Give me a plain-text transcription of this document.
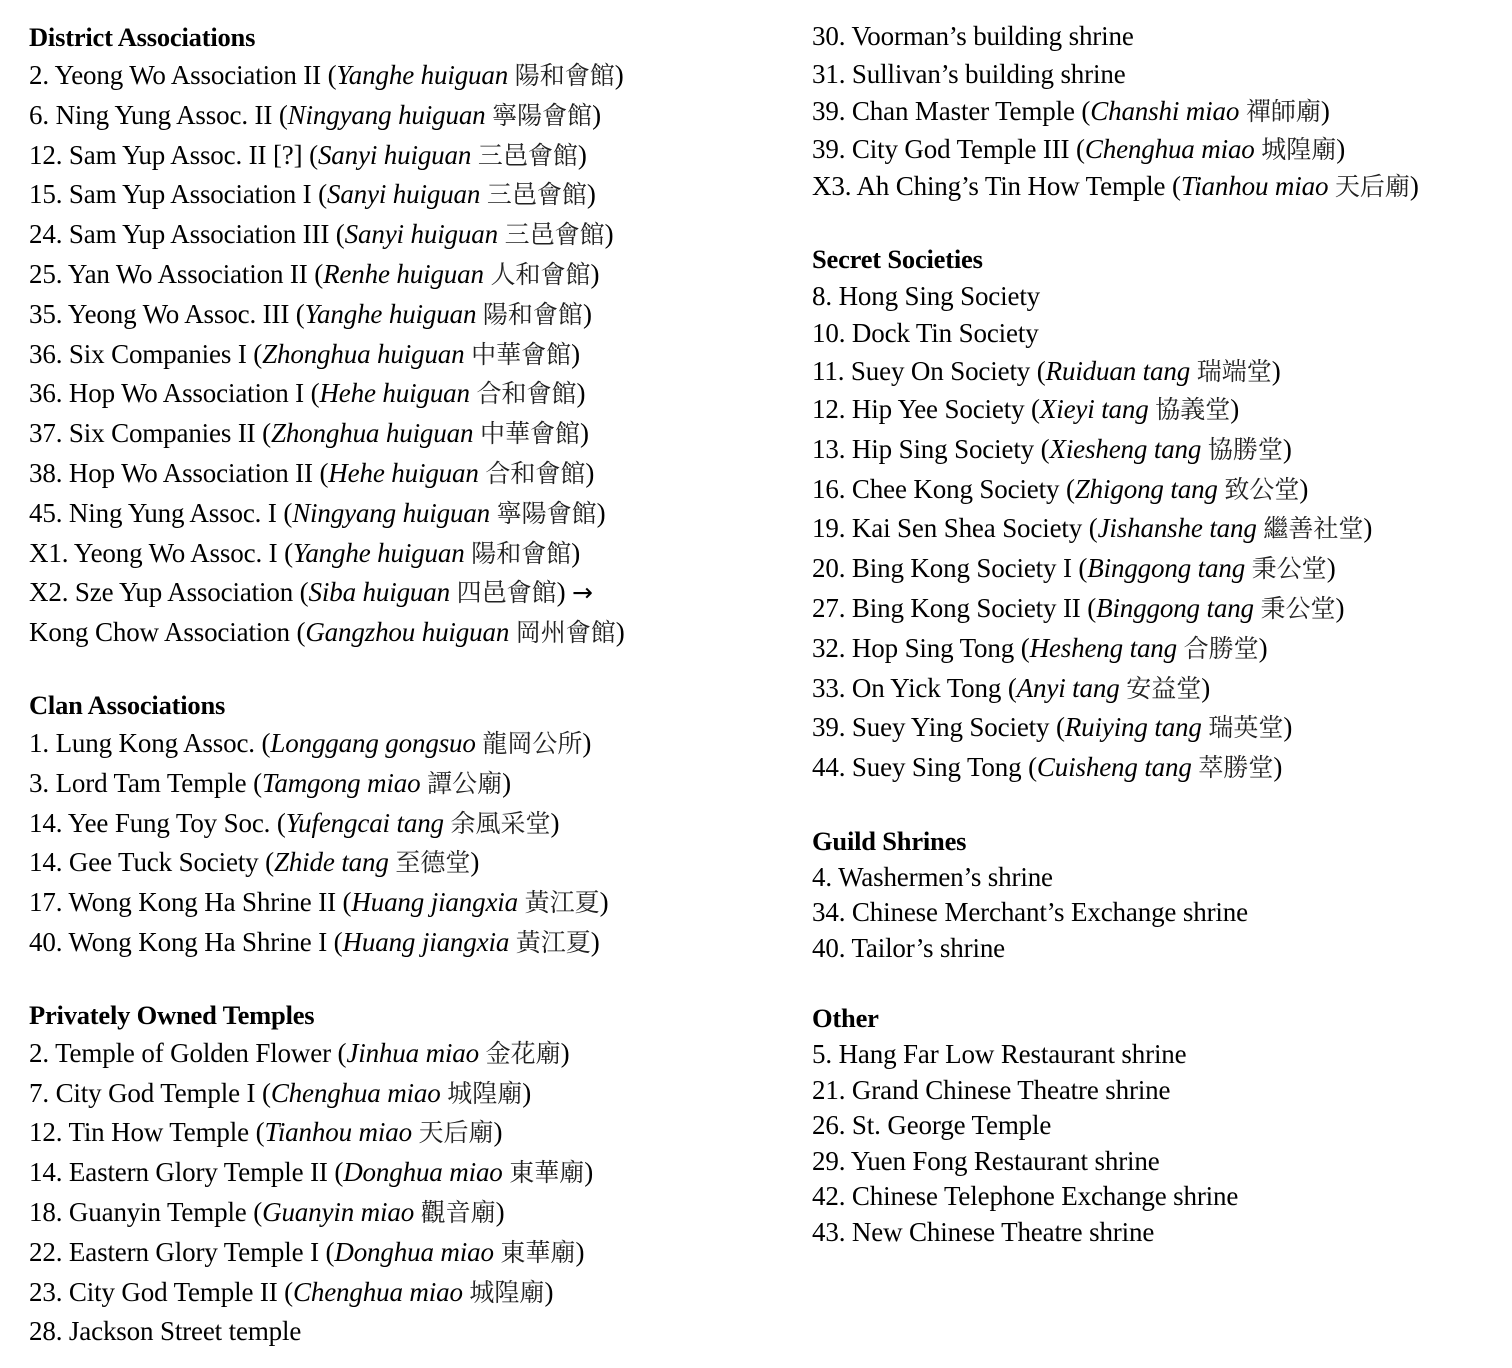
District Associations
2. Yeong Wo Association II (Yanghe huiguan 陽和會館)
6. Ning Yung Assoc. II (Ningyang huiguan 寧陽會館)
12. Sam Yup Assoc. II [?] (Sanyi huiguan 三邑會館)
15. Sam Yup Association I (Sanyi huiguan 三邑會館)
24. Sam Yup Association III (Sanyi huiguan 三邑會館)
25. Yan Wo Association II (Renhe huiguan 人和會館)
35. Yeong Wo Assoc. III (Yanghe huiguan 陽和會館)
36. Six Companies I (Zhonghua huiguan 中華會館)
36. Hop Wo Association I (Hehe huiguan 合和會館)
37. Six Companies II (Zhonghua huiguan 中華會館)
38. Hop Wo Association II (Hehe huiguan 合和會館)
45. Ning Yung Assoc. I (Ningyang huiguan 寧陽會館)
X1. Yeong Wo Assoc. I (Yanghe huiguan 陽和會館)
X2. Sze Yup Association (Siba huiguan 四邑會館) →
Kong Chow Association (Gangzhou huiguan 岡州會館)
Clan Associations
1. Lung Kong Assoc. (Longgang gongsuo 龍岡公所)
3. Lord Tam Temple (Tamgong miao 譚公廟)
14. Yee Fung Toy Soc. (Yufengcai tang 余風采堂)
14. Gee Tuck Society (Zhide tang 至德堂)
17. Wong Kong Ha Shrine II (Huang jiangxia 黃江夏)
40. Wong Kong Ha Shrine I (Huang jiangxia 黃江夏)
Privately Owned Temples
2. Temple of Golden Flower (Jinhua miao 金花廟)
7. City God Temple I (Chenghua miao 城隍廟)
12. Tin How Temple (Tianhou miao 天后廟)
14. Eastern Glory Temple II (Donghua miao 東華廟)
18. Guanyin Temple (Guanyin miao 觀音廟)
22. Eastern Glory Temple I (Donghua miao 東華廟)
23. City God Temple II (Chenghua miao 城隍廟)
28. Jackson Street temple
30. Voorman’s building shrine
31. Sullivan’s building shrine
39. Chan Master Temple (Chanshi miao 禪師廟)
39. City God Temple III (Chenghua miao 城隍廟)
X3. Ah Ching’s Tin How Temple (Tianhou miao 天后廟)
Secret Societies
8. Hong Sing Society
10. Dock Tin Society
11. Suey On Society (Ruiduan tang 瑞端堂)
12. Hip Yee Society (Xieyi tang 協義堂)
13. Hip Sing Society (Xiesheng tang 協勝堂)
16. Chee Kong Society (Zhigong tang 致公堂)
19. Kai Sen Shea Society (Jishanshe tang 繼善社堂)
20. Bing Kong Society I (Binggong tang 秉公堂)
27. Bing Kong Society II (Binggong tang 秉公堂)
32. Hop Sing Tong (Hesheng tang 合勝堂)
33. On Yick Tong (Anyi tang 安益堂)
39. Suey Ying Society (Ruiying tang 瑞英堂)
44. Suey Sing Tong (Cuisheng tang 萃勝堂)
Guild Shrines
4. Washermen’s shrine
34. Chinese Merchant’s Exchange shrine
40. Tailor’s shrine
Other
5. Hang Far Low Restaurant shrine
21. Grand Chinese Theatre shrine
26. St. George Temple
29. Yuen Fong Restaurant shrine
42. Chinese Telephone Exchange shrine
43. New Chinese Theatre shrine
